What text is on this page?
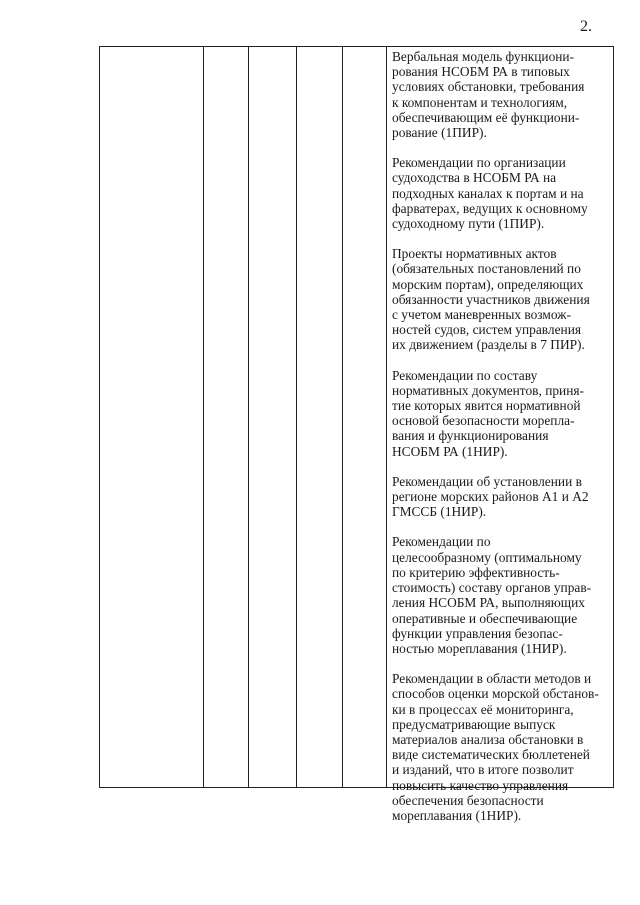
2.

Вербальная модель функциони-
рования НСОБМ РА в типовых
условиях обстановки, требования
к компонентам и технологиям,
обеспечивающим её функциони-
рование (1ПИР).

Рекомендации по организации
судоходства в НСОБМ РА на
подходных каналах к портам и на
фарватерах, ведущих к основному
судоходному пути (1ПИР).

Проекты нормативных актов
(обязательных постановлений по
морским портам), определяющих
обязанности участников движения
с учетом маневренных возмож-
ностей судов, систем управления
их движением (разделы в 7 ПИР).

Рекомендации по составу
нормативных документов, приня-
тие которых явится нормативной
основой безопасности морепла-
вания и функционирования
НСОБМ РА (1НИР).

Рекомендации об установлении в
регионе морских районов А1 и А2
ГМССБ (1НИР).

Рекомендации по
целесообразному (оптимальному
по критерию эффективность-
стоимость) составу органов управ-
ления НСОБМ РА, выполняющих
оперативные и обеспечивающие
функции управления безопас-
ностью мореплавания (1НИР).

Рекомендации в области методов и
способов оценки морской обстанов-
ки в процессах её мониторинга,
предусматривающие выпуск
материалов анализа обстановки в
виде систематических бюллетеней
и изданий, что в итоге позволит
повысить качество управления
обеспечения безопасности
мореплавания (1НИР).
